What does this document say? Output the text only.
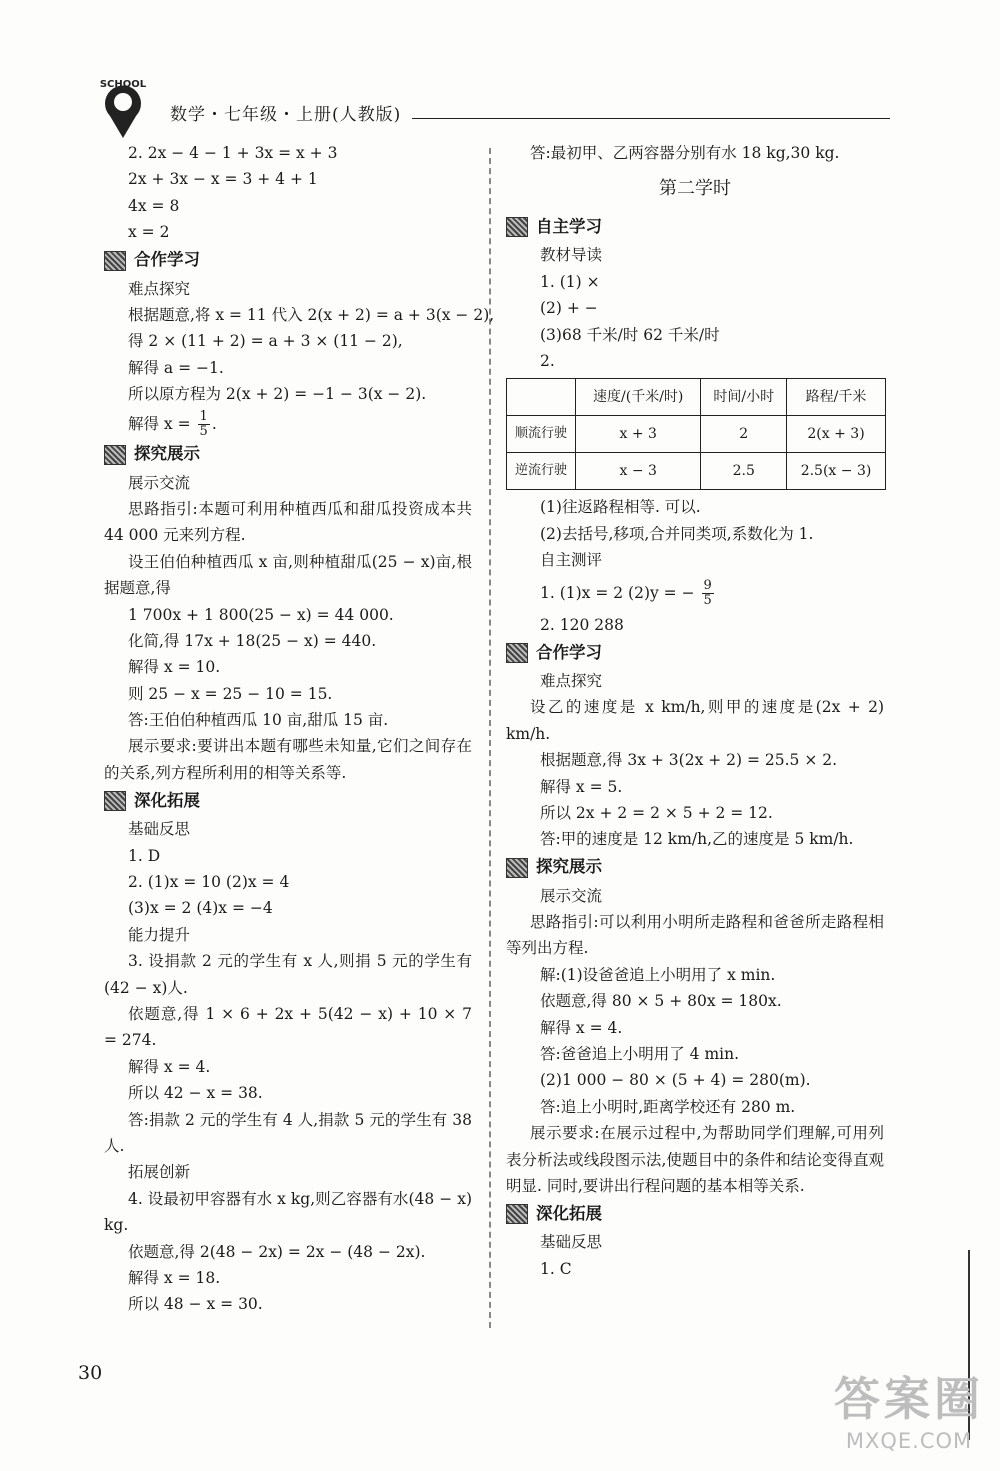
SCHOOL
数学・七年级・上册(人教版)
2. 2x − 4 − 1 + 3x = x + 3
2x + 3x − x = 3 + 4 + 1
4x = 8
x = 2
合作学习
难点探究
根据题意,将 x = 11 代入 2(x + 2) = a + 3(x − 2),
得 2 × (11 + 2) = a + 3 × (11 − 2),
解得 a = −1.
所以原方程为 2(x + 2) = −1 − 3(x − 2).
解得 $x = \frac{1}{5}$ .
探究展示
展示交流
思路指引:本题可利用种植西瓜和甜瓜投资成本共 44 000 元来列方程.
设王伯伯种植西瓜 x 亩,则种植甜瓜(25 − x)亩,根据题意,得
1 700x + 1 800(25 − x) = 44 000.
化简,得 17x + 18(25 − x) = 440.
解得 x = 10.
则 25 − x = 25 − 10 = 15.
答:王伯伯种植西瓜 10 亩,甜瓜 15 亩.
展示要求:要讲出本题有哪些未知量,它们之间存在的关系,列方程所利用的相等关系等.
深化拓展
基础反思
1. D
2. (1)x = 10 (2)x = 4
(3)x = 2 (4)x = −4
能力提升
3. 设捐款 2 元的学生有 x 人,则捐 5 元的学生有(42 − x)人.
依题意,得 1 × 6 + 2x + 5(42 − x) + 10 × 7 = 274.
解得 x = 4.
所以 42 − x = 38.
答:捐款 2 元的学生有 4 人,捐款 5 元的学生有 38 人.
拓展创新
4. 设最初甲容器有水 x kg,则乙容器有水(48 − x) kg.
依题意,得 2(48 − 2x) = 2x − (48 − 2x).
解得 x = 18.
所以 48 − x = 30.
答:最初甲、乙两容器分别有水 18 kg,30 kg.
第二学时
自主学习
教材导读
1. (1) ×
(2) + −
(3)68 千米/时 62 千米/时
2.
	速度/(千米/时)	时间/小时	路程/千米
顺流行驶	x + 3	2	2(x + 3)
逆流行驶	x − 3	2.5	2.5(x − 3)
(1)往返路程相等. 可以.
(2)去括号,移项,合并同类项,系数化为 1.
自主测评
1. (1)x = 2 (2)y = − $\frac{9}{5}$
2. 120 288
合作学习
难点探究
设乙的速度是 x km/h,则甲的速度是(2x + 2) km/h.
根据题意,得 3x + 3(2x + 2) = 25.5 × 2.
解得 x = 5.
所以 2x + 2 = 2 × 5 + 2 = 12.
答:甲的速度是 12 km/h,乙的速度是 5 km/h.
探究展示
展示交流
思路指引:可以利用小明所走路程和爸爸所走路程相等列出方程.
解:(1)设爸爸追上小明用了 x min.
依题意,得 80 × 5 + 80x = 180x.
解得 x = 4.
答:爸爸追上小明用了 4 min.
(2)1 000 − 80 × (5 + 4) = 280(m).
答:追上小明时,距离学校还有 280 m.
展示要求:在展示过程中,为帮助同学们理解,可用列表分析法或线段图示法,使题目中的条件和结论变得直观明显. 同时,要讲出行程问题的基本相等关系.
深化拓展
基础反思
1. C
30	答案圈
MXQE.COM
